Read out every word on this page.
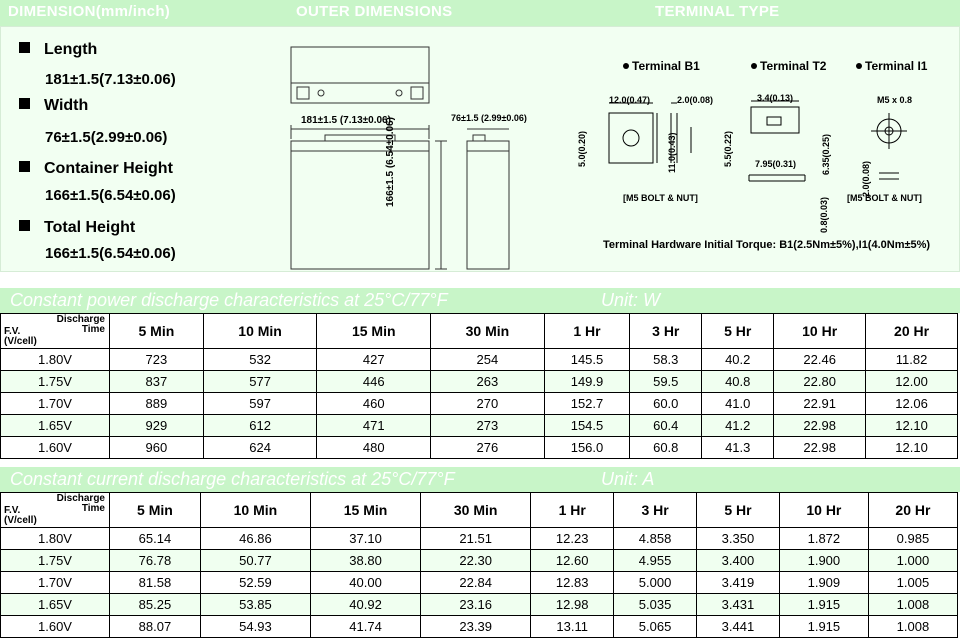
DIMENSION(mm/inch)	OUTER DIMENSIONS	TERMINAL TYPE
Length
181±1.5(7.13±0.06)
Width
76±1.5(2.99±0.06)
Container Height
166±1.5(6.54±0.06)
Total Height
166±1.5(6.54±0.06)
181±1.5 (7.13±0.06)	76±1.5 (2.99±0.06)
166±1.5 (6.54±0.06)
Terminal B1	Terminal T2	Terminal I1
12.0(0.47)	2.0(0.08)
5.0(0.20)	11.0(0.43)	5.5(0.22)
[M5 BOLT & NUT]
3.4(0.13)
6.35(0.25)
7.95(0.31)
0.8(0.03)
M5 x 0.8
2.0(0.08)
[M5 BOLT & NUT]
Terminal Hardware Initial Torque: B1(2.5Nm±5%),I1(4.0Nm±5%)
Constant power discharge characteristics at 25°C/77°F	Unit: W
Discharge
Time
F.V.
(V/cell)	5 Min	10 Min	15 Min	30 Min	1 Hr	3 Hr	5 Hr	10 Hr	20 Hr
1.80V	723	532	427	254	145.5	58.3	40.2	22.46	11.82
1.75V	837	577	446	263	149.9	59.5	40.8	22.80	12.00
1.70V	889	597	460	270	152.7	60.0	41.0	22.91	12.06
1.65V	929	612	471	273	154.5	60.4	41.2	22.98	12.10
1.60V	960	624	480	276	156.0	60.8	41.3	22.98	12.10
Constant current discharge characteristics at 25°C/77°F	Unit: A
Discharge
Time
F.V.
(V/cell)	5 Min	10 Min	15 Min	30 Min	1 Hr	3 Hr	5 Hr	10 Hr	20 Hr
1.80V	65.14	46.86	37.10	21.51	12.23	4.858	3.350	1.872	0.985
1.75V	76.78	50.77	38.80	22.30	12.60	4.955	3.400	1.900	1.000
1.70V	81.58	52.59	40.00	22.84	12.83	5.000	3.419	1.909	1.005
1.65V	85.25	53.85	40.92	23.16	12.98	5.035	3.431	1.915	1.008
1.60V	88.07	54.93	41.74	23.39	13.11	5.065	3.441	1.915	1.008
